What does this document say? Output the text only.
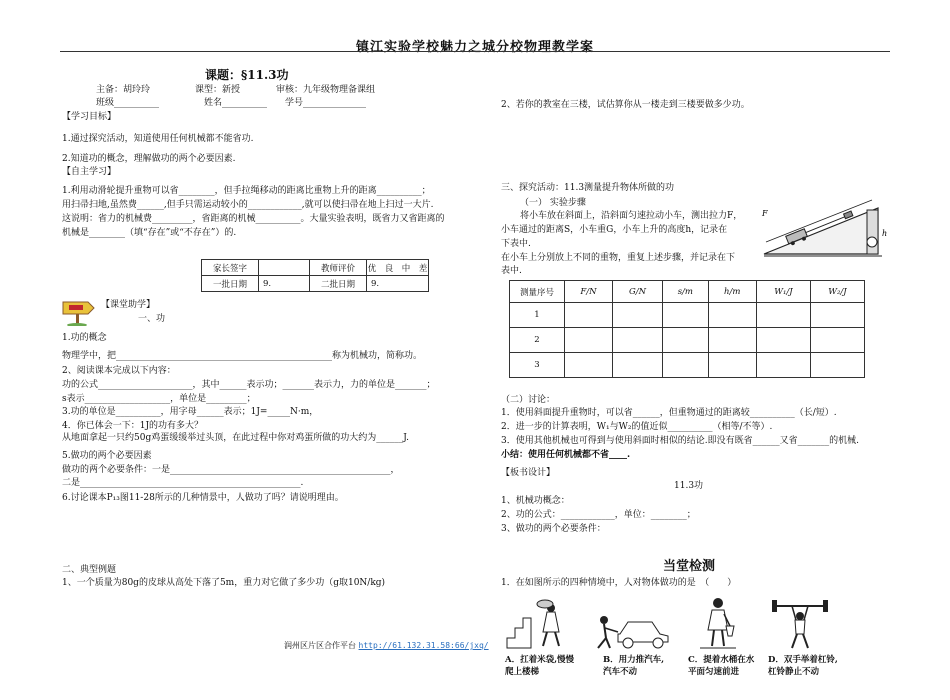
镇江实验学校魅力之城分校物理教学案
课题：§11.3功
主备：胡玲玲　　　　　课型：新授　　　　审核：九年级物理备课组
班级__________　　　　　姓名__________　　学号______________
【学习目标】
1.通过探究活动，知道使用任何机械都不能省功.
2.知道功的概念，理解做功的两个必要因素.
【自主学习】
1.利用动滑轮提升重物可以省________，但手拉绳移动的距离比重物上升的距离__________；
用扫帚扫地,虽然费______,但手只需运动较小的____________,就可以使扫帚在地上扫过一大片.
这说明：省力的机械费_________，省距离的机械__________。大量实验表明，既省力又省距离的
机械是________（填“存在”或“不存在”）的.
家长签字		教师评价	优　良　中　差
一批日期	9.	二批日期	9.
【课堂助学】
一、功
1.功的概念
物理学中，把________________________________________________称为机械功，简称功。
2、阅读课本完成以下内容：
功的公式_____________________，其中______表示功；_______表示力，力的单位是_______；
s表示___________________，单位是_________；
3.功的单位是__________，用字母______表示；1J=_____N·m，
4．你已体会一下：1J的功有多大？
从地面拿起一只约50g鸡蛋缓缓举过头顶，在此过程中你对鸡蛋所做的功大约为______J.
5.做功的两个必要因素
做功的两个必要条件：一是_________________________________________________，
二是_________________________________________________.
6.讨论课本P₁₃图11-28所示的几种情景中，人做功了吗？请说明理由。
二、典型例题
1、一个质量为80g的皮球从高处下落了5m，重力对它做了多少功（g取10N/kg)
2、若你的教室在三楼，试估算你从一楼走到三楼要做多少功。
三、探究活动：11.3测量提升物体所做的功
（一） 实验步骤
将小车放在斜面上，沿斜面匀速拉动小车，测出拉力F，
小车通过的距离S，小车重G，小车上升的高度h，记录在
下表中.
在小车上分别放上不同的重物，重复上述步骤，并记录在下
表中.
h
F
测量序号	F/N	G/N	s/m	h/m	W₁/J	W₂/J
1						
2						
3						
（二）讨论：
1．使用斜面提升重物时，可以省______，但重物通过的距离较__________（长/短）.
2．进一步的计算表明，W₁与W₂的值近似__________（相等/不等）.
3．使用其他机械也可得到与使用斜面时相似的结论.即没有既省______又省_______的机械.
小结：使用任何机械都不省____.
【板书设计】
11.3功
1、机械功概念：
2、功的公式：____________，单位：________；
3、做功的两个必要条件：
当堂检测
1．在如图所示的四种情境中，人对物体做功的是　（　　）
A．扛着米袋,慢慢爬上楼梯
B．用力推汽车,汽车不动
C．提着水桶在水平面匀速前进
D．双手举着杠铃,杠铃静止不动
润州区片区合作平台 http://61.132.31.58:66/jxq/
